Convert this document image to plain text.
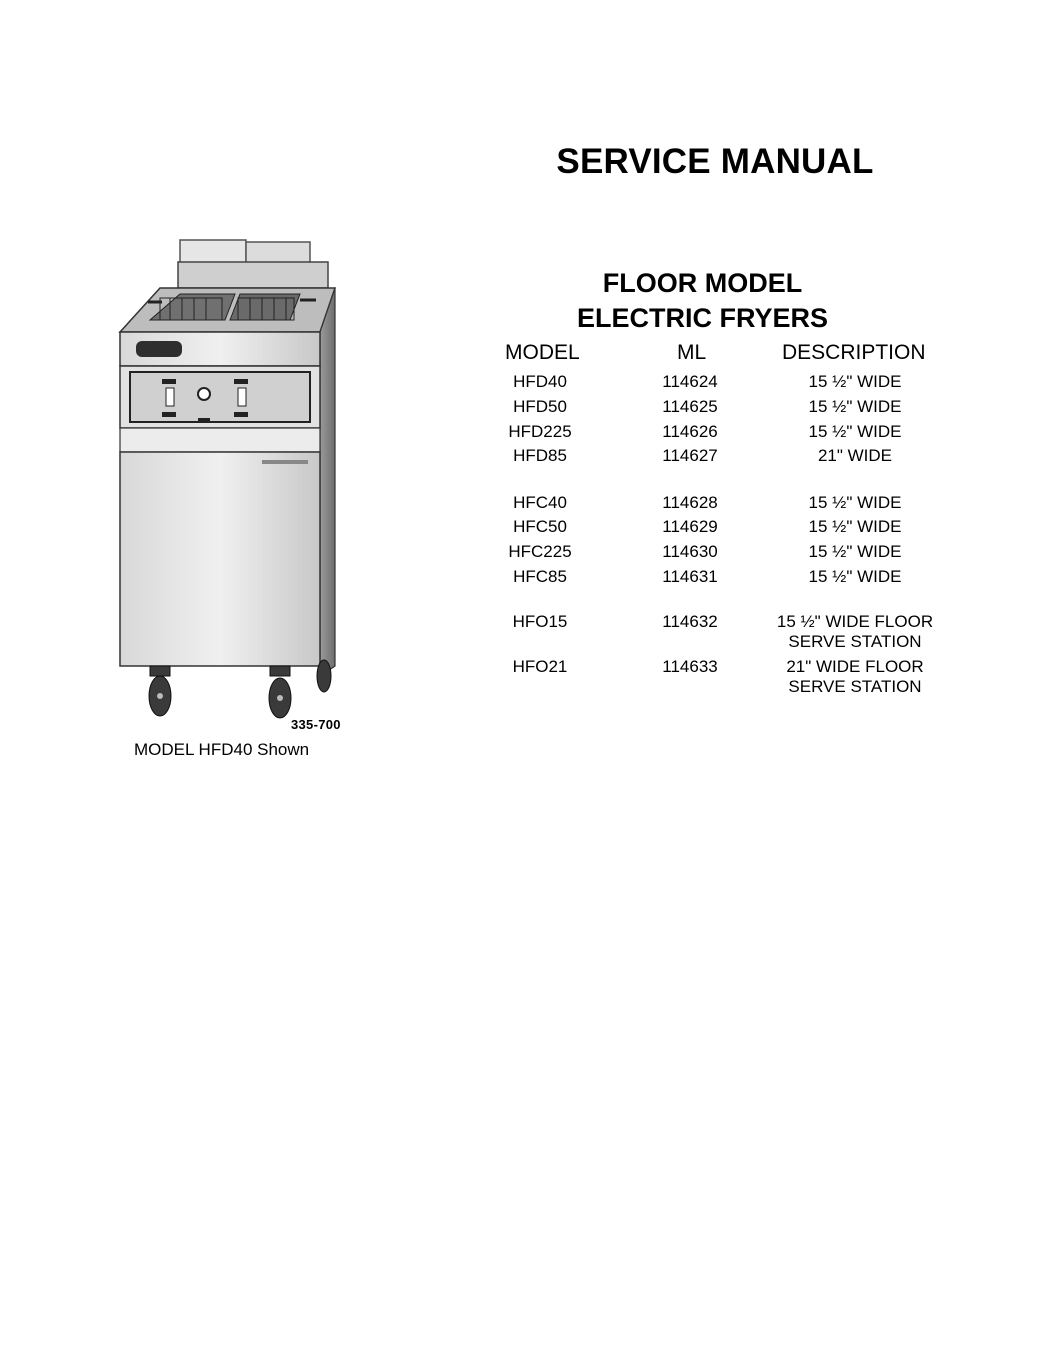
SERVICE MANUAL
FLOOR MODEL
ELECTRIC FRYERS
MODEL	ML	DESCRIPTION
HFD40	114624	15 ½" WIDE
HFD50	114625	15 ½" WIDE
HFD225	114626	15 ½" WIDE
HFD85	114627	21" WIDE
HFC40	114628	15 ½" WIDE
HFC50	114629	15 ½" WIDE
HFC225	114630	15 ½" WIDE
HFC85	114631	15 ½" WIDE
HFO15	114632	15 ½" WIDE FLOOR
SERVE STATION
HFO21	114633	21" WIDE FLOOR
SERVE STATION
335-700
MODEL HFD40 Shown
